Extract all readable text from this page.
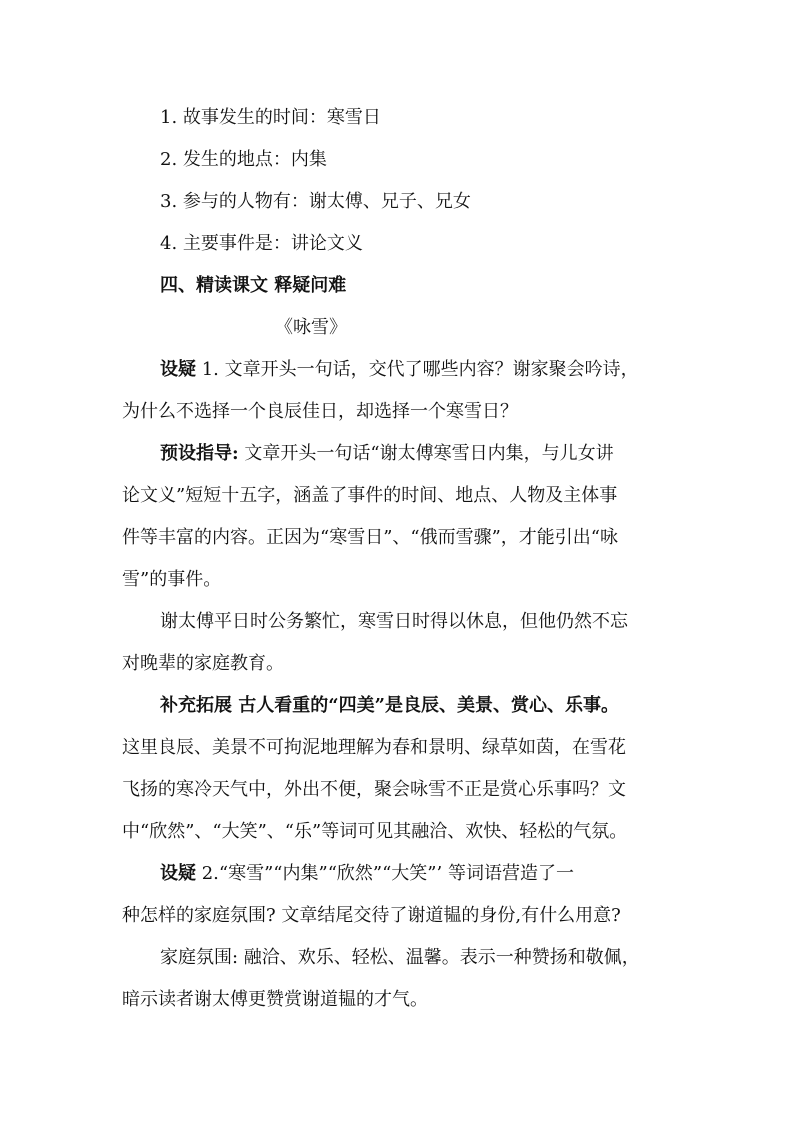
1. 故事发生的时间：寒雪日
2. 发生的地点：内集
3. 参与的人物有：谢太傅、兄子、兄女
4. 主要事件是：讲论文义
四、精读课文 释疑问难
《咏雪》
设疑 1. 文章开头一句话，交代了哪些内容？谢家聚会吟诗，
为什么不选择一个良辰佳日，却选择一个寒雪日？
预设指导: 文章开头一句话“谢太傅寒雪日内集，与儿女讲
论文义”短短十五字，涵盖了事件的时间、地点、人物及主体事
件等丰富的内容。正因为“寒雪日”、“俄而雪骤”，才能引出“咏
雪”的事件。
谢太傅平日时公务繁忙，寒雪日时得以休息，但他仍然不忘
对晚辈的家庭教育。
补充拓展 古人看重的“四美”是良辰、美景、赏心、乐事。
这里良辰、美景不可拘泥地理解为春和景明、绿草如茵，在雪花
飞扬的寒冷天气中，外出不便，聚会咏雪不正是赏心乐事吗？文
中“欣然”、“大笑”、“乐”等词可见其融洽、欢快、轻松的气氛。
设疑 2.“寒雪”“内集”“欣然”“大笑”’ 等词语营造了一
种怎样的家庭氛围? 文章结尾交待了谢道韫的身份,有什么用意?
家庭氛围: 融洽、欢乐、轻松、温馨。表示一种赞扬和敬佩，
暗示读者谢太傅更赞赏谢道韫的才气。
